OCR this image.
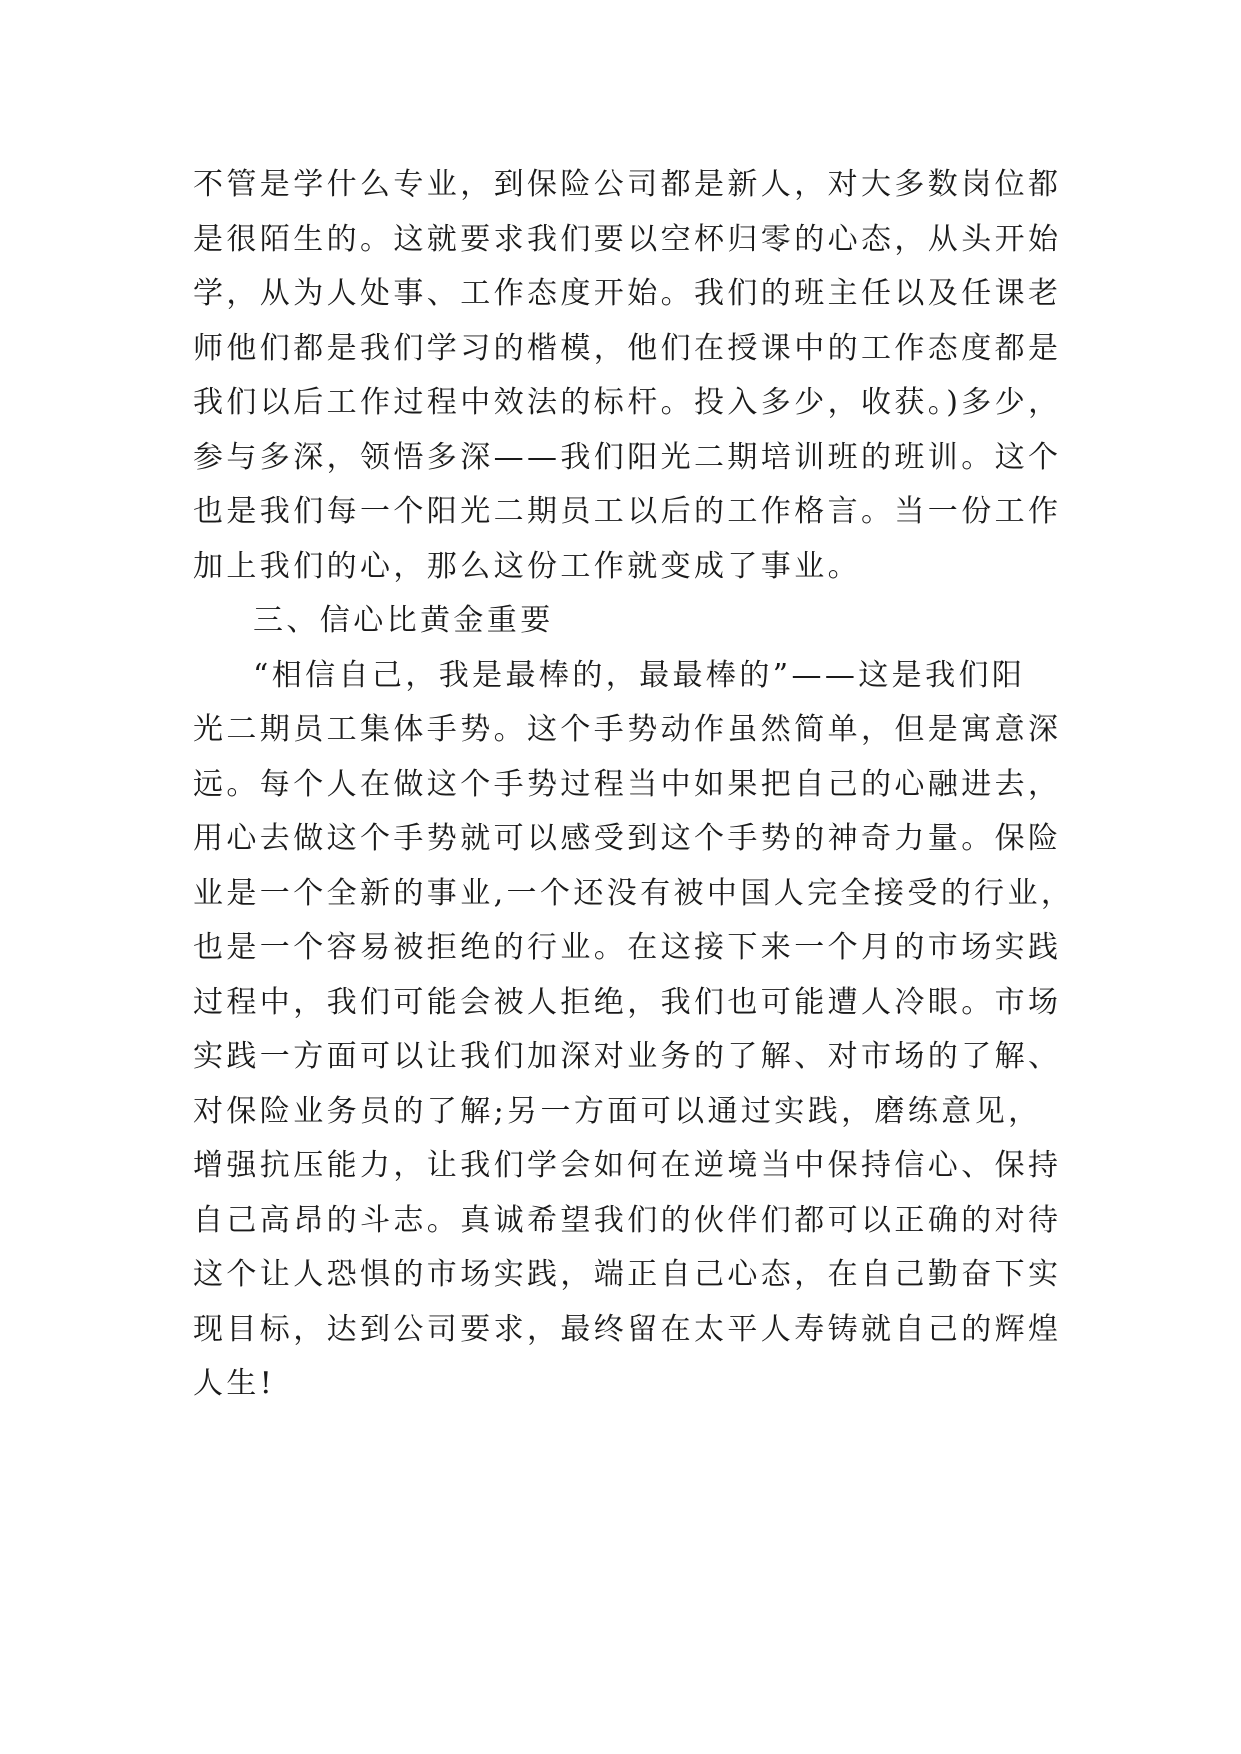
不管是学什么专业，到保险公司都是新人，对大多数岗位都
是很陌生的。这就要求我们要以空杯归零的心态，从头开始
学，从为人处事、工作态度开始。我们的班主任以及任课老
师他们都是我们学习的楷模，他们在授课中的工作态度都是
我们以后工作过程中效法的标杆。投入多少，收获。)多少，
参与多深，领悟多深——我们阳光二期培训班的班训。这个
也是我们每一个阳光二期员工以后的工作格言。当一份工作
加上我们的心，那么这份工作就变成了事业。
三、信心比黄金重要
“相信自己，我是最棒的，最最棒的”——这是我们阳
光二期员工集体手势。这个手势动作虽然简单，但是寓意深
远。每个人在做这个手势过程当中如果把自己的心融进去，
用心去做这个手势就可以感受到这个手势的神奇力量。保险
业是一个全新的事业,一个还没有被中国人完全接受的行业，
也是一个容易被拒绝的行业。在这接下来一个月的市场实践
过程中，我们可能会被人拒绝，我们也可能遭人冷眼。市场
实践一方面可以让我们加深对业务的了解、对市场的了解、
对保险业务员的了解;另一方面可以通过实践，磨练意见，
增强抗压能力，让我们学会如何在逆境当中保持信心、保持
自己高昂的斗志。真诚希望我们的伙伴们都可以正确的对待
这个让人恐惧的市场实践，端正自己心态，在自己勤奋下实
现目标，达到公司要求，最终留在太平人寿铸就自己的辉煌
人生!
